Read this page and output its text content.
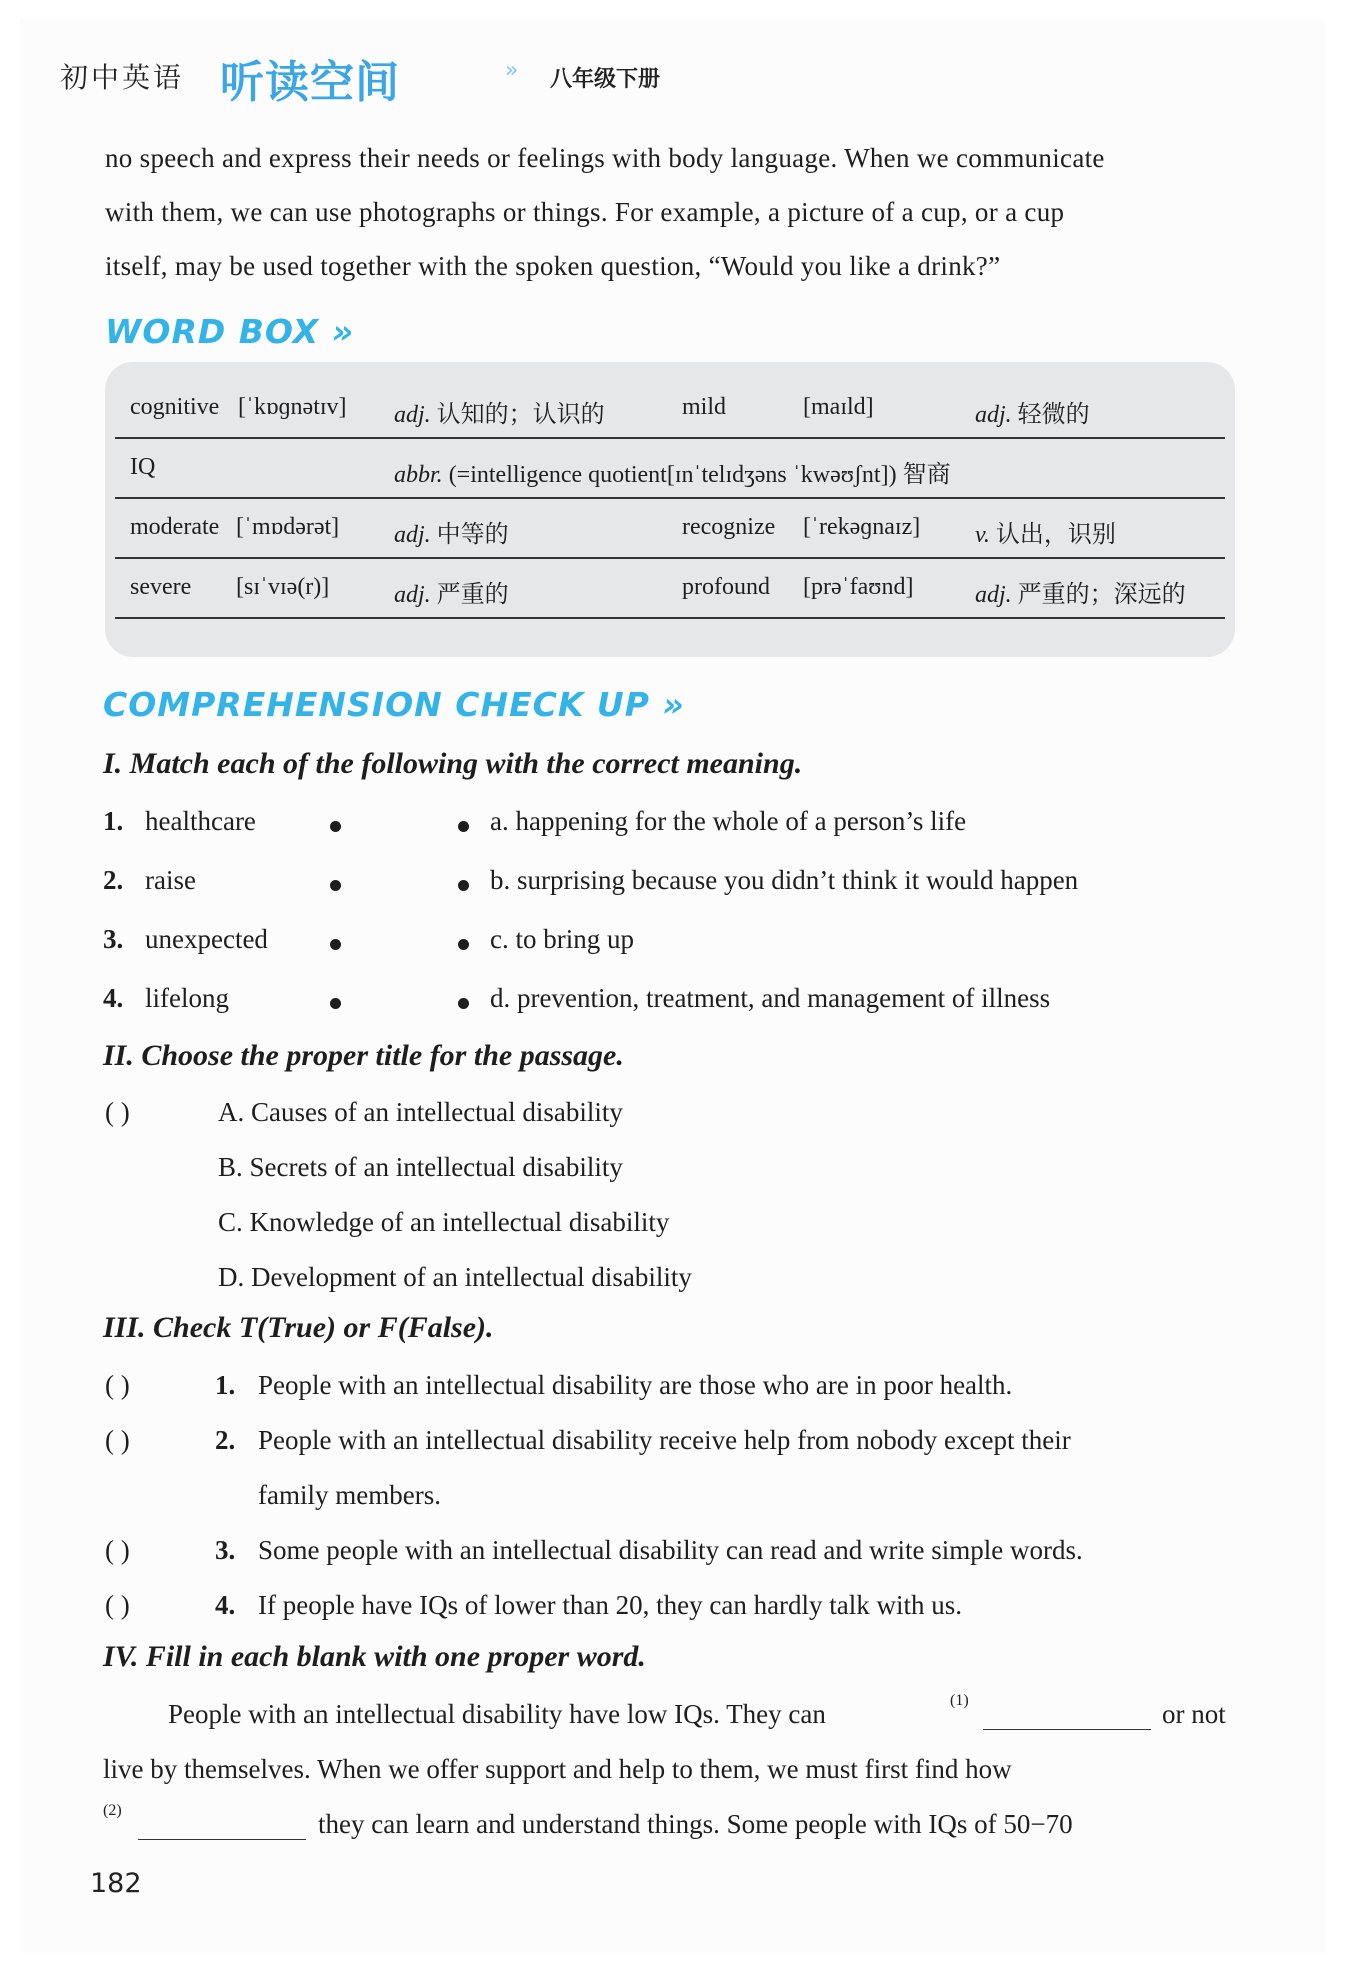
初中英语 听读空间	» 八年级下册
no speech and express their needs or feelings with body language. When we communicate
with them, we can use photographs or things. For example, a picture of a cup, or a cup
itself, may be used together with the spoken question, “Would you like a drink?”
WORD BOX »
cognitive [ˈkɒɡnətɪv] adj. 认知的；认识的	mild	[maɪld]	adj. 轻微的
IQ	abbr. (=intelligence quotient[ɪnˈtelɪdʒəns ˈkwəʊʃnt]) 智商
moderate [ˈmɒdərət] adj. 中等的	recognize [ˈrekəɡnaɪz] v. 认出，识别
severe [sɪˈvɪə(r)]	adj. 严重的	profound [prəˈfaʊnd]	adj. 严重的；深远的
COMPREHENSION CHECK UP »
I. Match each of the following with the correct meaning.
1. healthcare	a. happening for the whole of a person’s life
2. raise	b. surprising because you didn’t think it would happen
3. unexpected	c. to bring up
4. lifelong	d. prevention, treatment, and management of illness
II. Choose the proper title for the passage.
( )	A. Causes of an intellectual disability
B. Secrets of an intellectual disability
C. Knowledge of an intellectual disability
D. Development of an intellectual disability
III. Check T(True) or F(False).
( )	1. People with an intellectual disability are those who are in poor health.
( )	2. People with an intellectual disability receive help from nobody except their
family members.
( )	3. Some people with an intellectual disability can read and write simple words.
( )	4. If people have IQs of lower than 20, they can hardly talk with us.
IV. Fill in each blank with one proper word.
People with an intellectual disability have low IQs. They can	(1)	or not
live by themselves. When we offer support and help to them, we must first find how
(2)	they can learn and understand things. Some people with IQs of 50−70
182
